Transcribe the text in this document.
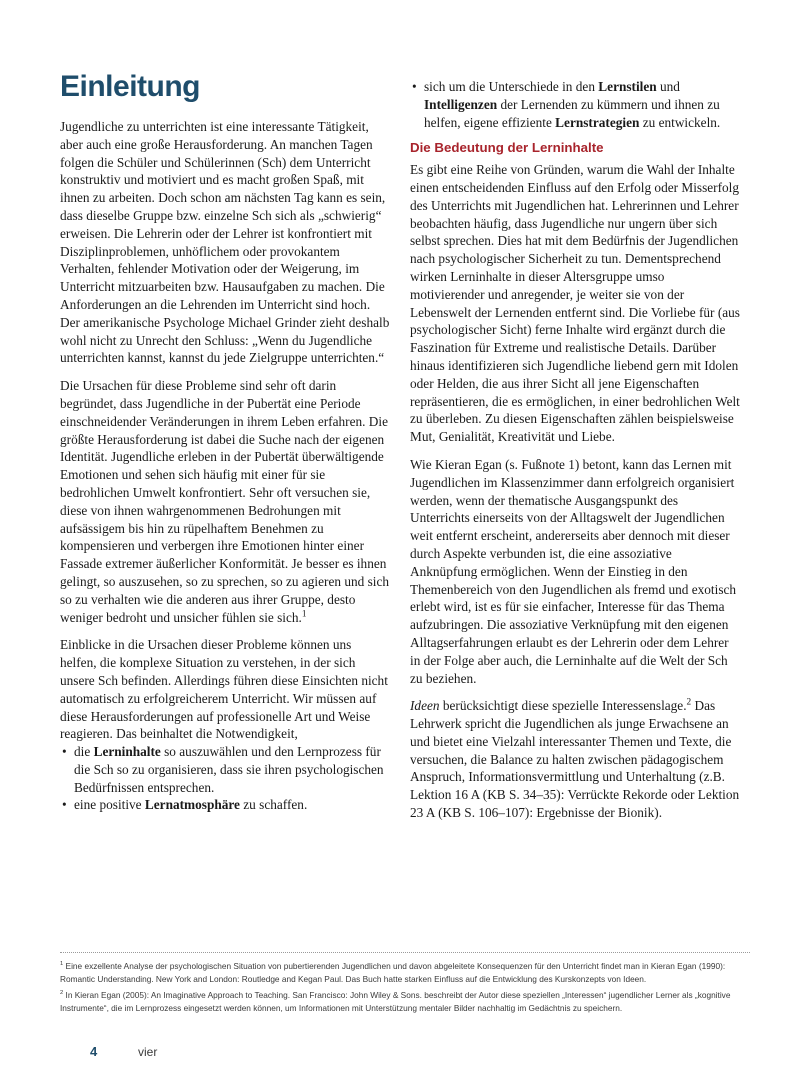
Einleitung

Jugendliche zu unterrichten ist eine interessante Tätigkeit, aber auch eine große Herausforderung. An manchen Tagen folgen die Schüler und Schülerinnen (Sch) dem Unterricht konstruktiv und motiviert und es macht großen Spaß, mit ihnen zu arbeiten. Doch schon am nächsten Tag kann es sein, dass dieselbe Gruppe bzw. einzelne Sch sich als „schwierig“ erweisen. Die Lehrerin oder der Lehrer ist konfrontiert mit Disziplinproblemen, unhöflichem oder provokantem Verhalten, fehlender Motivation oder der Weigerung, im Unterricht mitzuarbeiten bzw. Hausaufgaben zu machen. Die Anforderungen an die Lehrenden im Unterricht sind hoch. Der amerikanische Psychologe Michael Grinder zieht deshalb wohl nicht zu Unrecht den Schluss: „Wenn du Jugendliche unterrichten kannst, kannst du jede Zielgruppe unterrichten.“

Die Ursachen für diese Probleme sind sehr oft darin begründet, dass Jugendliche in der Pubertät eine Periode einschneidender Veränderungen in ihrem Leben erfahren. Die größte Herausforderung ist dabei die Suche nach der eigenen Identität. Jugendliche erleben in der Pubertät überwältigende Emotionen und sehen sich häufig mit einer für sie bedrohlichen Umwelt konfrontiert. Sehr oft versuchen sie, diese von ihnen wahrgenommenen Bedrohungen mit aufsässigem bis hin zu rüpelhaftem Benehmen zu kompensieren und verbergen ihre Emotionen hinter einer Fassade extremer äußerlicher Konformität. Je besser es ihnen gelingt, so auszusehen, so zu sprechen, so zu agieren und sich so zu verhalten wie die anderen aus ihrer Gruppe, desto weniger bedroht und unsicher fühlen sie sich.$^1$

Einblicke in die Ursachen dieser Probleme können uns helfen, die komplexe Situation zu verstehen, in der sich unsere Sch befinden. Allerdings führen diese Einsichten nicht automatisch zu erfolgreicherem Unterricht. Wir müssen auf diese Herausforderungen auf professionelle Art und Weise reagieren. Das beinhaltet die Notwendigkeit,

• die Lerninhalte so auszuwählen und den Lernprozess für die Sch so zu organisieren, dass sie ihren psychologischen Bedürfnissen entsprechen.
• eine positive Lernatmosphäre zu schaffen.
• sich um die Unterschiede in den Lernstilen und Intelligenzen der Lernenden zu kümmern und ihnen zu helfen, eigene effiziente Lernstrategien zu entwickeln.
Die Bedeutung der Lerninhalte

Es gibt eine Reihe von Gründen, warum die Wahl der Inhalte einen entscheidenden Einfluss auf den Erfolg oder Misserfolg des Unterrichts mit Jugendlichen hat. Lehrerinnen und Lehrer beobachten häufig, dass Jugendliche nur ungern über sich selbst sprechen. Dies hat mit dem Bedürfnis der Jugendlichen nach psychologischer Sicherheit zu tun. Dementsprechend wirken Lerninhalte in dieser Altersgruppe umso motivierender und anregender, je weiter sie von der Lebenswelt der Lernenden entfernt sind. Die Vorliebe für (aus psychologischer Sicht) ferne Inhalte wird ergänzt durch die Faszination für Extreme und realistische Details. Darüber hinaus identifizieren sich Jugendliche liebend gern mit Idolen oder Helden, die aus ihrer Sicht all jene Eigenschaften repräsentieren, die es ermöglichen, in einer bedrohlichen Welt zu überleben. Zu diesen Eigenschaften zählen beispielsweise Mut, Genialität, Kreativität und Liebe.

Wie Kieran Egan (s. Fußnote 1) betont, kann das Lernen mit Jugendlichen im Klassenzimmer dann erfolgreich organisiert werden, wenn der thematische Ausgangspunkt des Unterrichts einerseits von der Alltagswelt der Jugendlichen weit entfernt erscheint, andererseits aber dennoch mit dieser durch Aspekte verbunden ist, die eine assoziative Anknüpfung ermöglichen. Wenn der Einstieg in den Themenbereich von den Jugendlichen als fremd und exotisch erlebt wird, ist es für sie einfacher, Interesse für das Thema aufzubringen. Die assoziative Verknüpfung mit den eigenen Alltagserfahrungen erlaubt es der Lehrerin oder dem Lehrer in der Folge aber auch, die Lerninhalte auf die Welt der Sch zu beziehen.

Ideen berücksichtigt diese spezielle Interessenslage.$^2$ Das Lehrwerk spricht die Jugendlichen als junge Erwachsene an und bietet eine Vielzahl interessanter Themen und Texte, die versuchen, die Balance zu halten zwischen pädagogischem Anspruch, Informationsvermittlung und Unterhaltung (z.B. Lektion 16 A (KB S. 34–35): Verrückte Rekorde oder Lektion 23 A (KB S. 106–107): Ergebnisse der Bionik).

$^1$ Eine exzellente Analyse der psychologischen Situation von pubertierenden Jugendlichen und davon abgeleitete Konsequenzen für den Unterricht findet man in Kieran Egan (1990): Romantic Understanding. New York and London: Routledge and Kegan Paul. Das Buch hatte starken Einfluss auf die Entwicklung des Kurskonzepts von Ideen.

$^2$ In Kieran Egan (2005): An Imaginative Approach to Teaching. San Francisco: John Wiley & Sons. beschreibt der Autor diese speziellen „Interessen“ jugendlicher Lerner als „kognitive Instrumente“, die im Lernprozess eingesetzt werden können, um Informationen mit Unterstützung mentaler Bilder nachhaltig im Gedächtnis zu speichern.

4	vier
